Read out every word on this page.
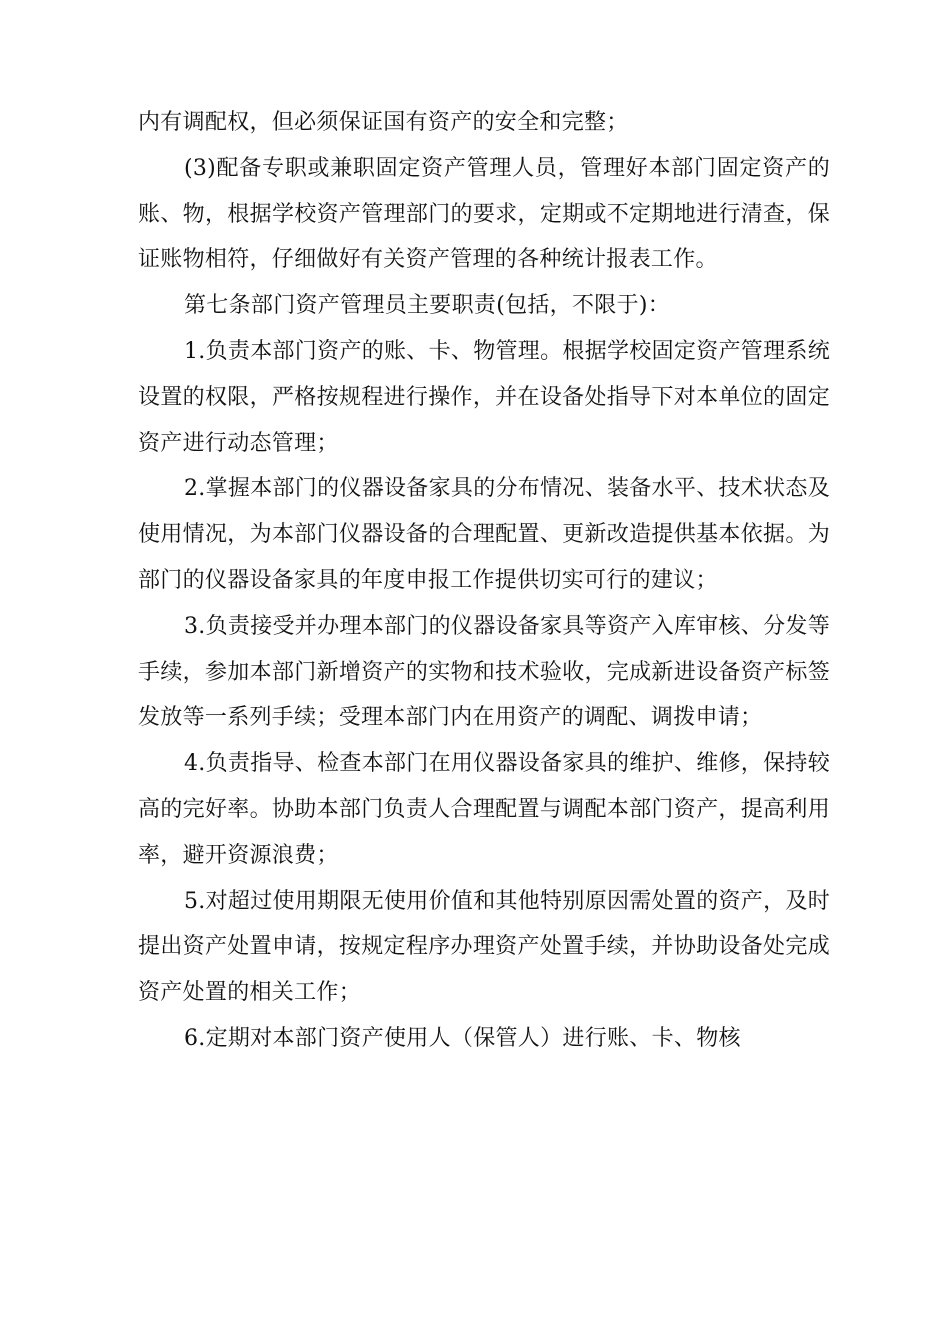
内有调配权，但必须保证国有资产的安全和完整；

(3)配备专职或兼职固定资产管理人员，管理好本部门固定资产的账、物，根据学校资产管理部门的要求，定期或不定期地进行清查，保证账物相符，仔细做好有关资产管理的各种统计报表工作。

第七条部门资产管理员主要职责(包括，不限于)：

1.负责本部门资产的账、卡、物管理。根据学校固定资产管理系统设置的权限，严格按规程进行操作，并在设备处指导下对本单位的固定资产进行动态管理；

2.掌握本部门的仪器设备家具的分布情况、装备水平、技术状态及使用情况，为本部门仪器设备的合理配置、更新改造提供基本依据。为部门的仪器设备家具的年度申报工作提供切实可行的建议；

3.负责接受并办理本部门的仪器设备家具等资产入库审核、分发等手续，参加本部门新增资产的实物和技术验收，完成新进设备资产标签发放等一系列手续；受理本部门内在用资产的调配、调拨申请；

4.负责指导、检查本部门在用仪器设备家具的维护、维修，保持较高的完好率。协助本部门负责人合理配置与调配本部门资产，提高利用率，避开资源浪费；

5.对超过使用期限无使用价值和其他特别原因需处置的资产，及时提出资产处置申请，按规定程序办理资产处置手续，并协助设备处完成资产处置的相关工作；

6.定期对本部门资产使用人（保管人）进行账、卡、物核
